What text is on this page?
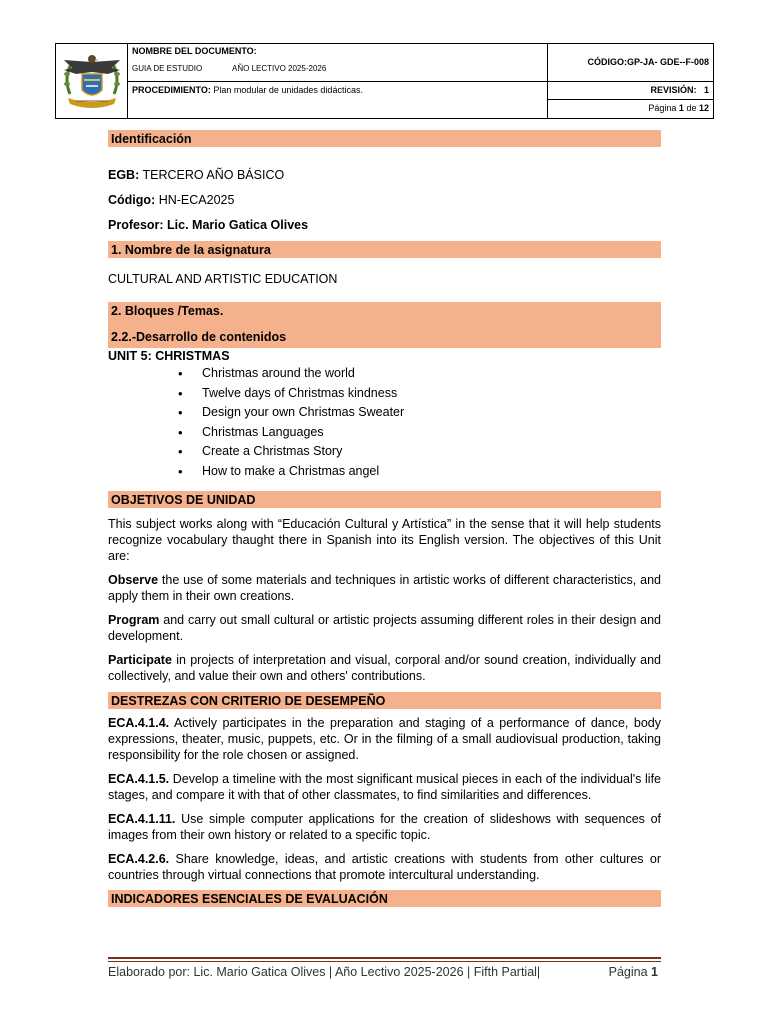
NOMBRE DEL DOCUMENTO:
GUIA DE ESTUDIO	AÑO LECTIVO 2025-2026
CÓDIGO:GP-JA- GDE--F-008
PROCEDIMIENTO: Plan modular de unidades didácticas.	REVISIÓN: 1
Página 1 de 12
Identificación

EGB: TERCERO AÑO BÁSICO

Código: HN-ECA2025

Profesor: Lic. Mario Gatica Olives

1. Nombre de la asignatura

CULTURAL AND ARTISTIC EDUCATION

2. Bloques /Temas.
2.2.-Desarrollo de contenidos

UNIT 5: CHRISTMAS

• Christmas around the world
• Twelve days of Christmas kindness
• Design your own Christmas Sweater
• Christmas Languages
• Create a Christmas Story
• How to make a Christmas angel
OBJETIVOS DE UNIDAD

This subject works along with “Educación Cultural y Artística” in the sense that it will help students recognize vocabulary thaught there in Spanish into its English version. The objectives of this Unit are:

Observe the use of some materials and techniques in artistic works of different characteristics, and apply them in their own creations.

Program and carry out small cultural or artistic projects assuming different roles in their design and development.

Participate in projects of interpretation and visual, corporal and/or sound creation, individually and collectively, and value their own and others' contributions.

DESTREZAS CON CRITERIO DE DESEMPEÑO

ECA.4.1.4. Actively participates in the preparation and staging of a performance of dance, body expressions, theater, music, puppets, etc. Or in the filming of a small audiovisual production, taking responsibility for the role chosen or assigned.

ECA.4.1.5. Develop a timeline with the most significant musical pieces in each of the individual's life stages, and compare it with that of other classmates, to find similarities and differences.

ECA.4.1.11. Use simple computer applications for the creation of slideshows with sequences of images from their own history or related to a specific topic.

ECA.4.2.6. Share knowledge, ideas, and artistic creations with students from other cultures or countries through virtual connections that promote intercultural understanding.

INDICADORES ESENCIALES DE EVALUACIÓN
Elaborado por: Lic. Mario Gatica Olives | Año Lectivo 2025-2026 | Fifth Partial|	Página 1
